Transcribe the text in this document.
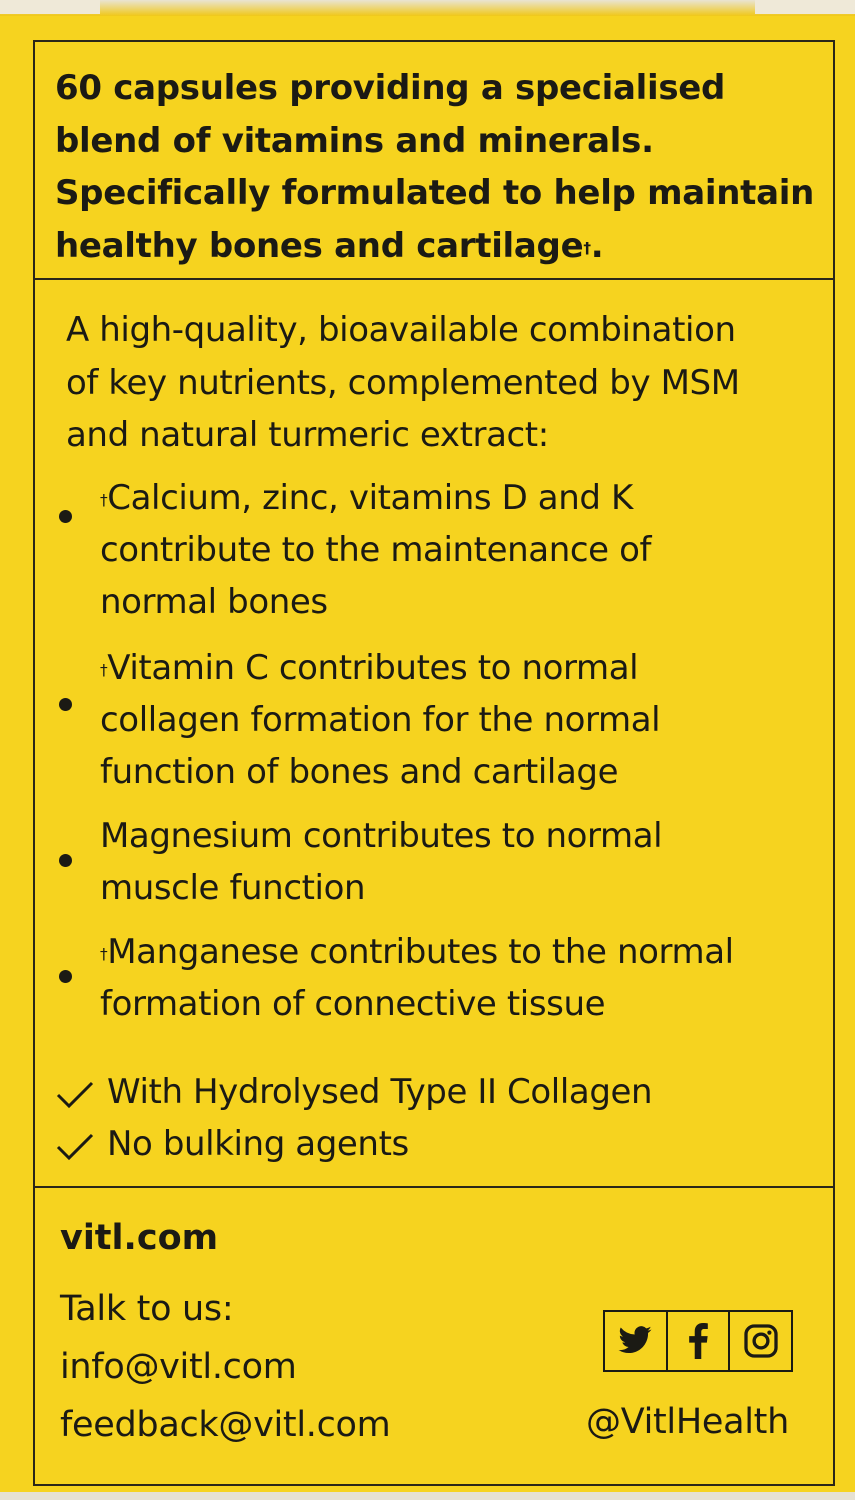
60 capsules providing a specialised
blend of vitamins and minerals.
Specifically formulated to help maintain
healthy bones and cartilage†.
A high-quality, bioavailable combination
of key nutrients, complemented by MSM
and natural turmeric extract:
†Calcium, zinc, vitamins D and K
contribute to the maintenance of
normal bones
†Vitamin C contributes to normal
collagen formation for the normal
function of bones and cartilage
Magnesium contributes to normal
muscle function
†Manganese contributes to the normal
formation of connective tissue
With Hydrolysed Type II Collagen
No bulking agents
vitl.com
Talk to us:
info@vitl.com
feedback@vitl.com	@VitlHealth
